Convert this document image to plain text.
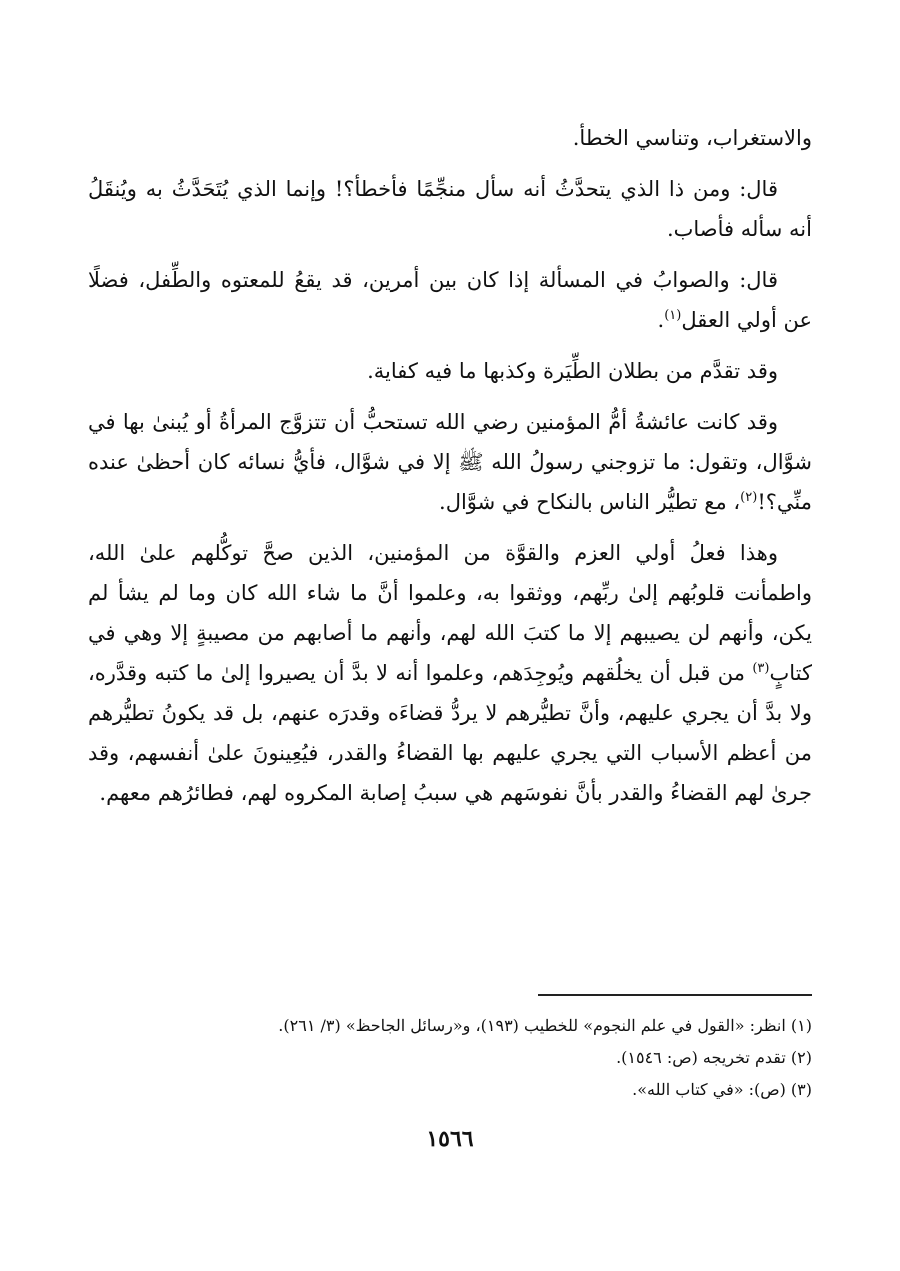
والاستغراب، وتناسي الخطأ.

قال: ومن ذا الذي يتحدَّثُ أنه سأل منجِّمًا فأخطأ؟! وإنما الذي يُتَحَدَّثُ به ويُنقَلُ أنه سأله فأصاب.

قال: والصوابُ في المسألة إذا كان بين أمرين، قد يقعُ للمعتوه والطِّفل، فضلًا عن أولي العقل$^{(١)}$.

وقد تقدَّم من بطلان الطِّيَرة وكذبها ما فيه كفاية.

وقد كانت عائشةُ أمُّ المؤمنين رضي الله تستحبُّ أن تتزوَّج المرأةُ أو يُبنىٰ بها في شوَّال، وتقول: ما تزوجني رسولُ الله ﷺ إلا في شوَّال، فأيُّ نسائه كان أحظىٰ عنده منِّي؟!$^{(٢)}$، مع تطيُّر الناس بالنكاح في شوَّال.

وهذا فعلُ أولي العزم والقوَّة من المؤمنين، الذين صحَّ توكُّلهم علىٰ الله، واطمأنت قلوبُهم إلىٰ ربِّهم، ووثقوا به، وعلموا أنَّ ما شاء الله كان وما لم يشأ لم يكن، وأنهم لن يصيبهم إلا ما كتبَ الله لهم، وأنهم ما أصابهم من مصيبةٍ إلا وهي في كتابٍ$^{(٣)}$ من قبل أن يخلُقهم ويُوجِدَهم، وعلموا أنه لا بدَّ أن يصيروا إلىٰ ما كتبه وقدَّره، ولا بدَّ أن يجري عليهم، وأنَّ تطيُّرهم لا يردُّ قضاءَه وقدرَه عنهم، بل قد يكونُ تطيُّرهم من أعظم الأسباب التي يجري عليهم بها القضاءُ والقدر، فيُعِينونَ علىٰ أنفسهم، وقد جرىٰ لهم القضاءُ والقدر بأنَّ نفوسَهم هي سببُ إصابة المكروه لهم، فطائرُهم معهم.

(١) انظر: «القول في علم النجوم» للخطيب (١٩٣)، و«رسائل الجاحظ» (٣/ ٢٦١).

(٢) تقدم تخريجه (ص: ١٥٤٦).

(٣) (ص): «في كتاب الله».

١٥٦٦
